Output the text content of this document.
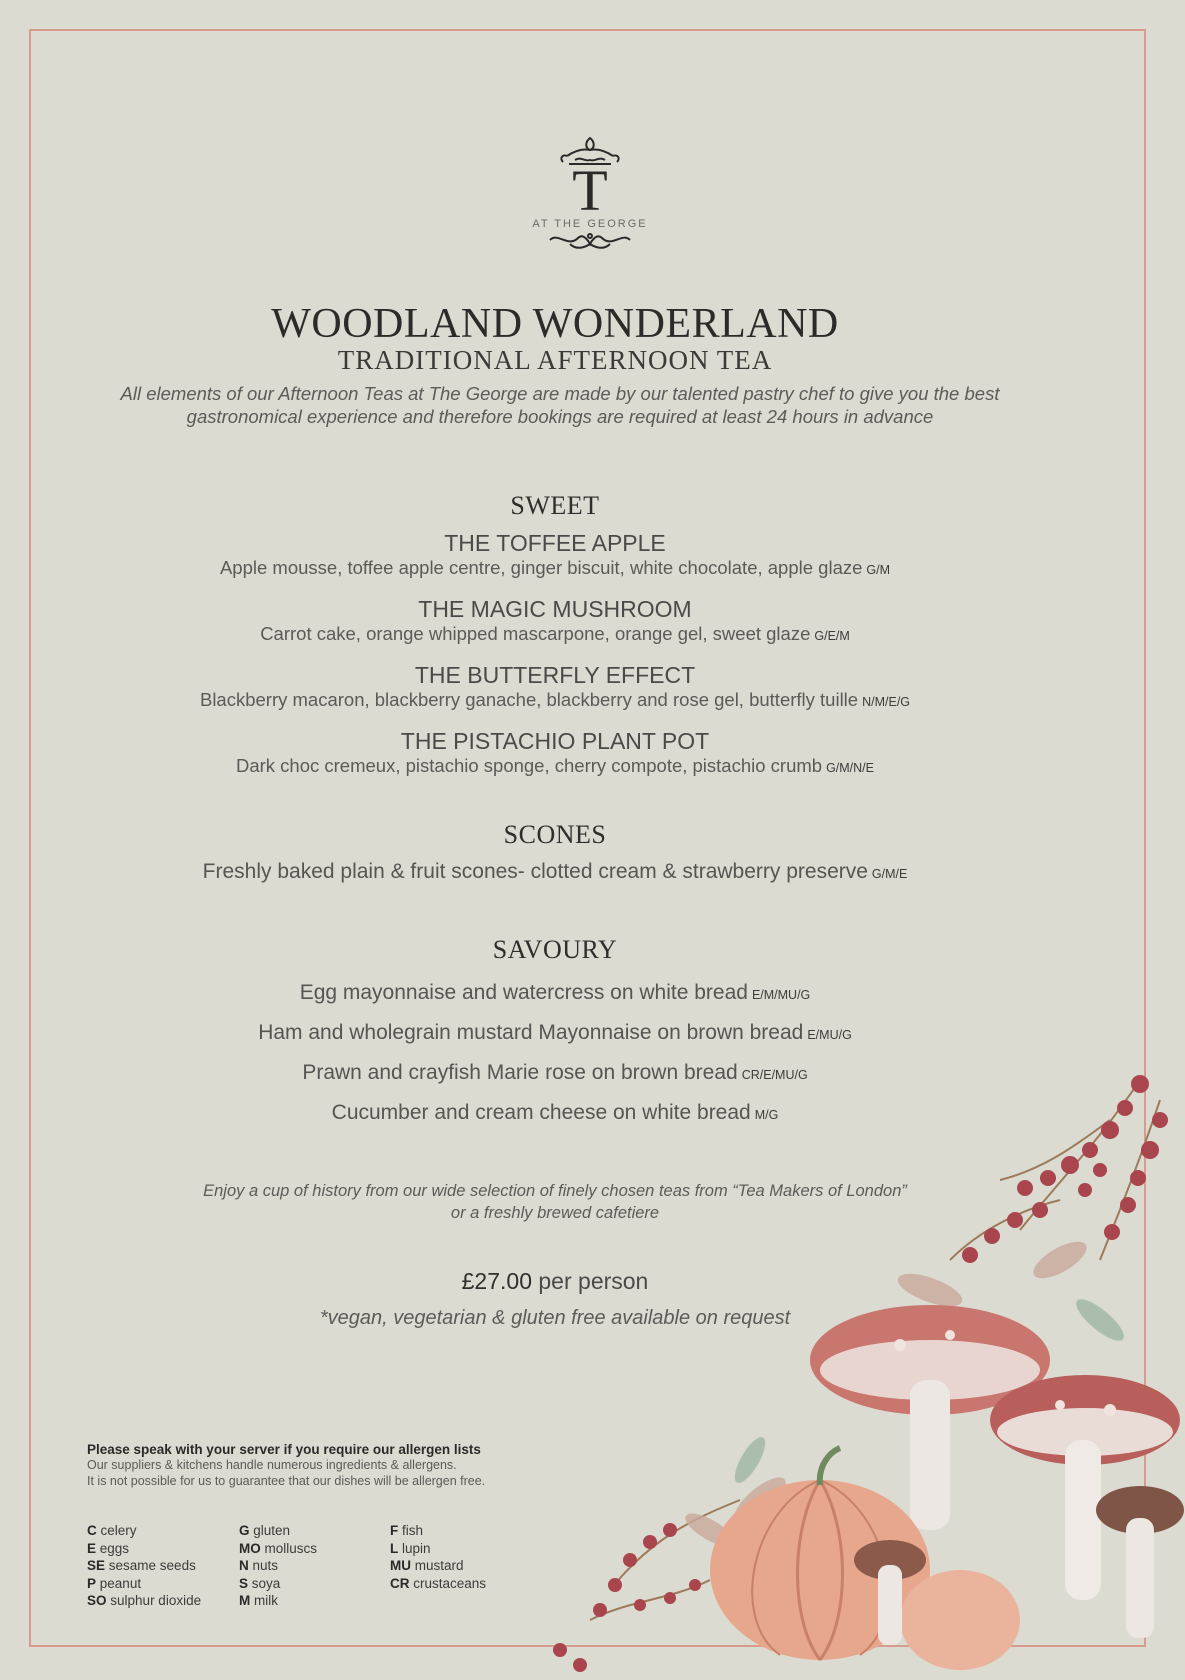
T
AT THE GEORGE
WOODLAND WONDERLAND
TRADITIONAL AFTERNOON TEA
All elements of our Afternoon Teas at The George are made by our talented pastry chef to give you the best
gastronomical experience and therefore bookings are required at least 24 hours in advance
SWEET
THE TOFFEE APPLE
Apple mousse, toffee apple centre, ginger biscuit, white chocolate, apple glaze G/M
THE MAGIC MUSHROOM
Carrot cake, orange whipped mascarpone, orange gel, sweet glaze G/E/M
THE BUTTERFLY EFFECT
Blackberry macaron, blackberry ganache, blackberry and rose gel, butterfly tuille N/M/E/G
THE PISTACHIO PLANT POT
Dark choc cremeux, pistachio sponge, cherry compote, pistachio crumb G/M/N/E
SCONES
Freshly baked plain & fruit scones- clotted cream & strawberry preserve G/M/E
SAVOURY
Egg mayonnaise and watercress on white bread E/M/MU/G
Ham and wholegrain mustard Mayonnaise on brown bread E/MU/G
Prawn and crayfish Marie rose on brown bread CR/E/MU/G
Cucumber and cream cheese on white bread M/G
Enjoy a cup of history from our wide selection of finely chosen teas from “Tea Makers of London”
or a freshly brewed cafetiere
£27.00 per person
*vegan, vegetarian & gluten free available on request
Please speak with your server if you require our allergen lists
Our suppliers & kitchens handle numerous ingredients & allergens.
It is not possible for us to guarantee that our dishes will be allergen free.
C celery
E eggs
SE sesame seeds
P peanut
SO sulphur dioxide
G gluten
MO molluscs
N nuts
S soya
M milk
F fish
L lupin
MU mustard
CR crustaceans
